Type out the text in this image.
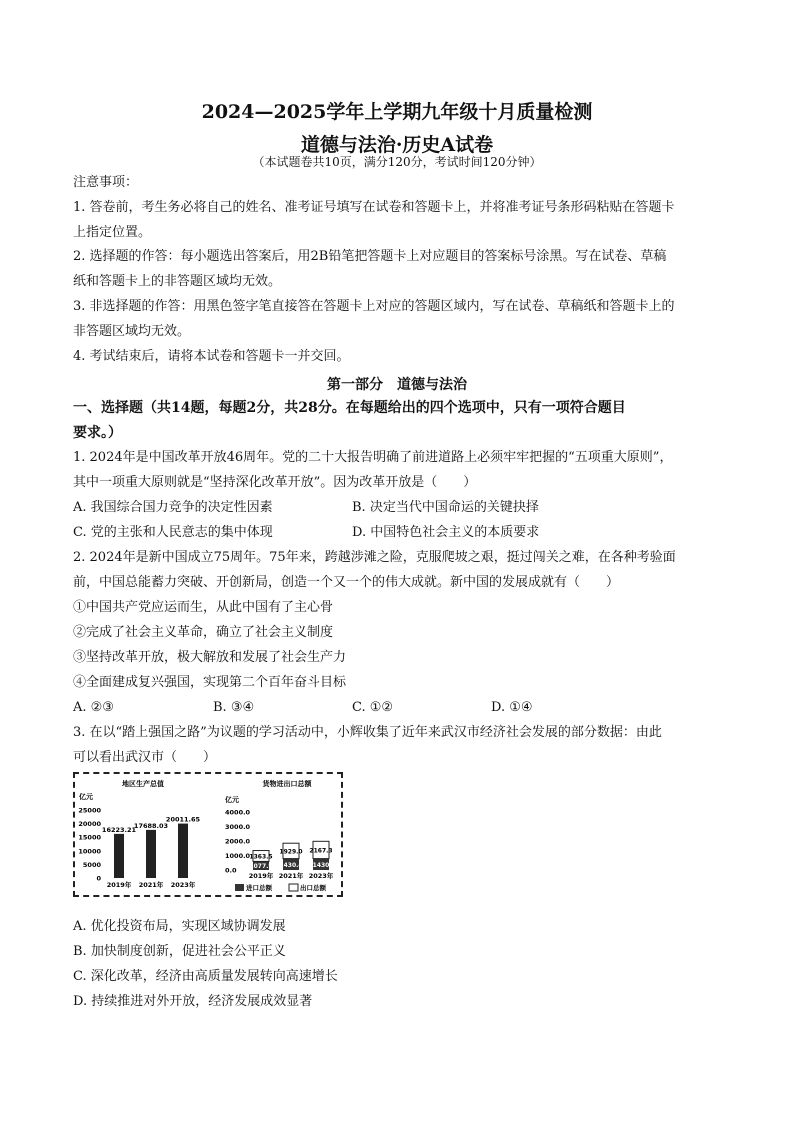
2024—2025学年上学期九年级十月质量检测
道德与法治·历史A试卷
（本试题卷共10页，满分120分，考试时间120分钟）
注意事项：
1. 答卷前，考生务必将自己的姓名、准考证号填写在试卷和答题卡上，并将准考证号条形码粘贴在答题卡
上指定位置。
2. 选择题的作答：每小题选出答案后，用2B铅笔把答题卡上对应题目的答案标号涂黑。写在试卷、草稿
纸和答题卡上的非答题区域均无效。
3. 非选择题的作答：用黑色签字笔直接答在答题卡上对应的答题区域内，写在试卷、草稿纸和答题卡上的
非答题区域均无效。
4. 考试结束后，请将本试卷和答题卡一并交回。
第一部分　道德与法治
一、选择题（共14题，每题2分，共28分。在每题给出的四个选项中，只有一项符合题目
要求。）
1. 2024年是中国改革开放46周年。党的二十大报告明确了前进道路上必须牢牢把握的“五项重大原则”，
其中一项重大原则就是“坚持深化改革开放”。因为改革开放是（　　）
A. 我国综合国力竞争的决定性因素	B. 决定当代中国命运的关键抉择
C. 党的主张和人民意志的集中体现	D. 中国特色社会主义的本质要求
2. 2024年是新中国成立75周年。75年来，跨越涉滩之险，克服爬坡之艰，挺过闯关之难，在各种考验面
前，中国总能蓄力突破、开创新局，创造一个又一个的伟大成就。新中国的发展成就有（　　）
①中国共产党应运而生，从此中国有了主心骨
②完成了社会主义革命，确立了社会主义制度
③坚持改革开放，极大解放和发展了社会生产力
④全面建成复兴强国，实现第二个百年奋斗目标
A. ②③	B. ③④	C. ①②	D. ①④
3. 在以“踏上强国之路”为议题的学习活动中，小辉收集了近年来武汉市经济社会发展的部分数据：由此
可以看出武汉市（　　）
地区生产总值
亿元
25000
20000
15000
10000
5000
0
16223.21
17688.03
20011.65
2019年 2021年 2023年
货物进出口总额
亿元
4000.0
3000.0
2000.0
1000.0
0.0 1077.9
1363.5
1430.4
1929.0
1430
2167.3
2019年 2021年 2023年
进口总额	出口总额
A. 优化投资布局，实现区域协调发展
B. 加快制度创新，促进社会公平正义
C. 深化改革，经济由高质量发展转向高速增长
D. 持续推进对外开放，经济发展成效显著
